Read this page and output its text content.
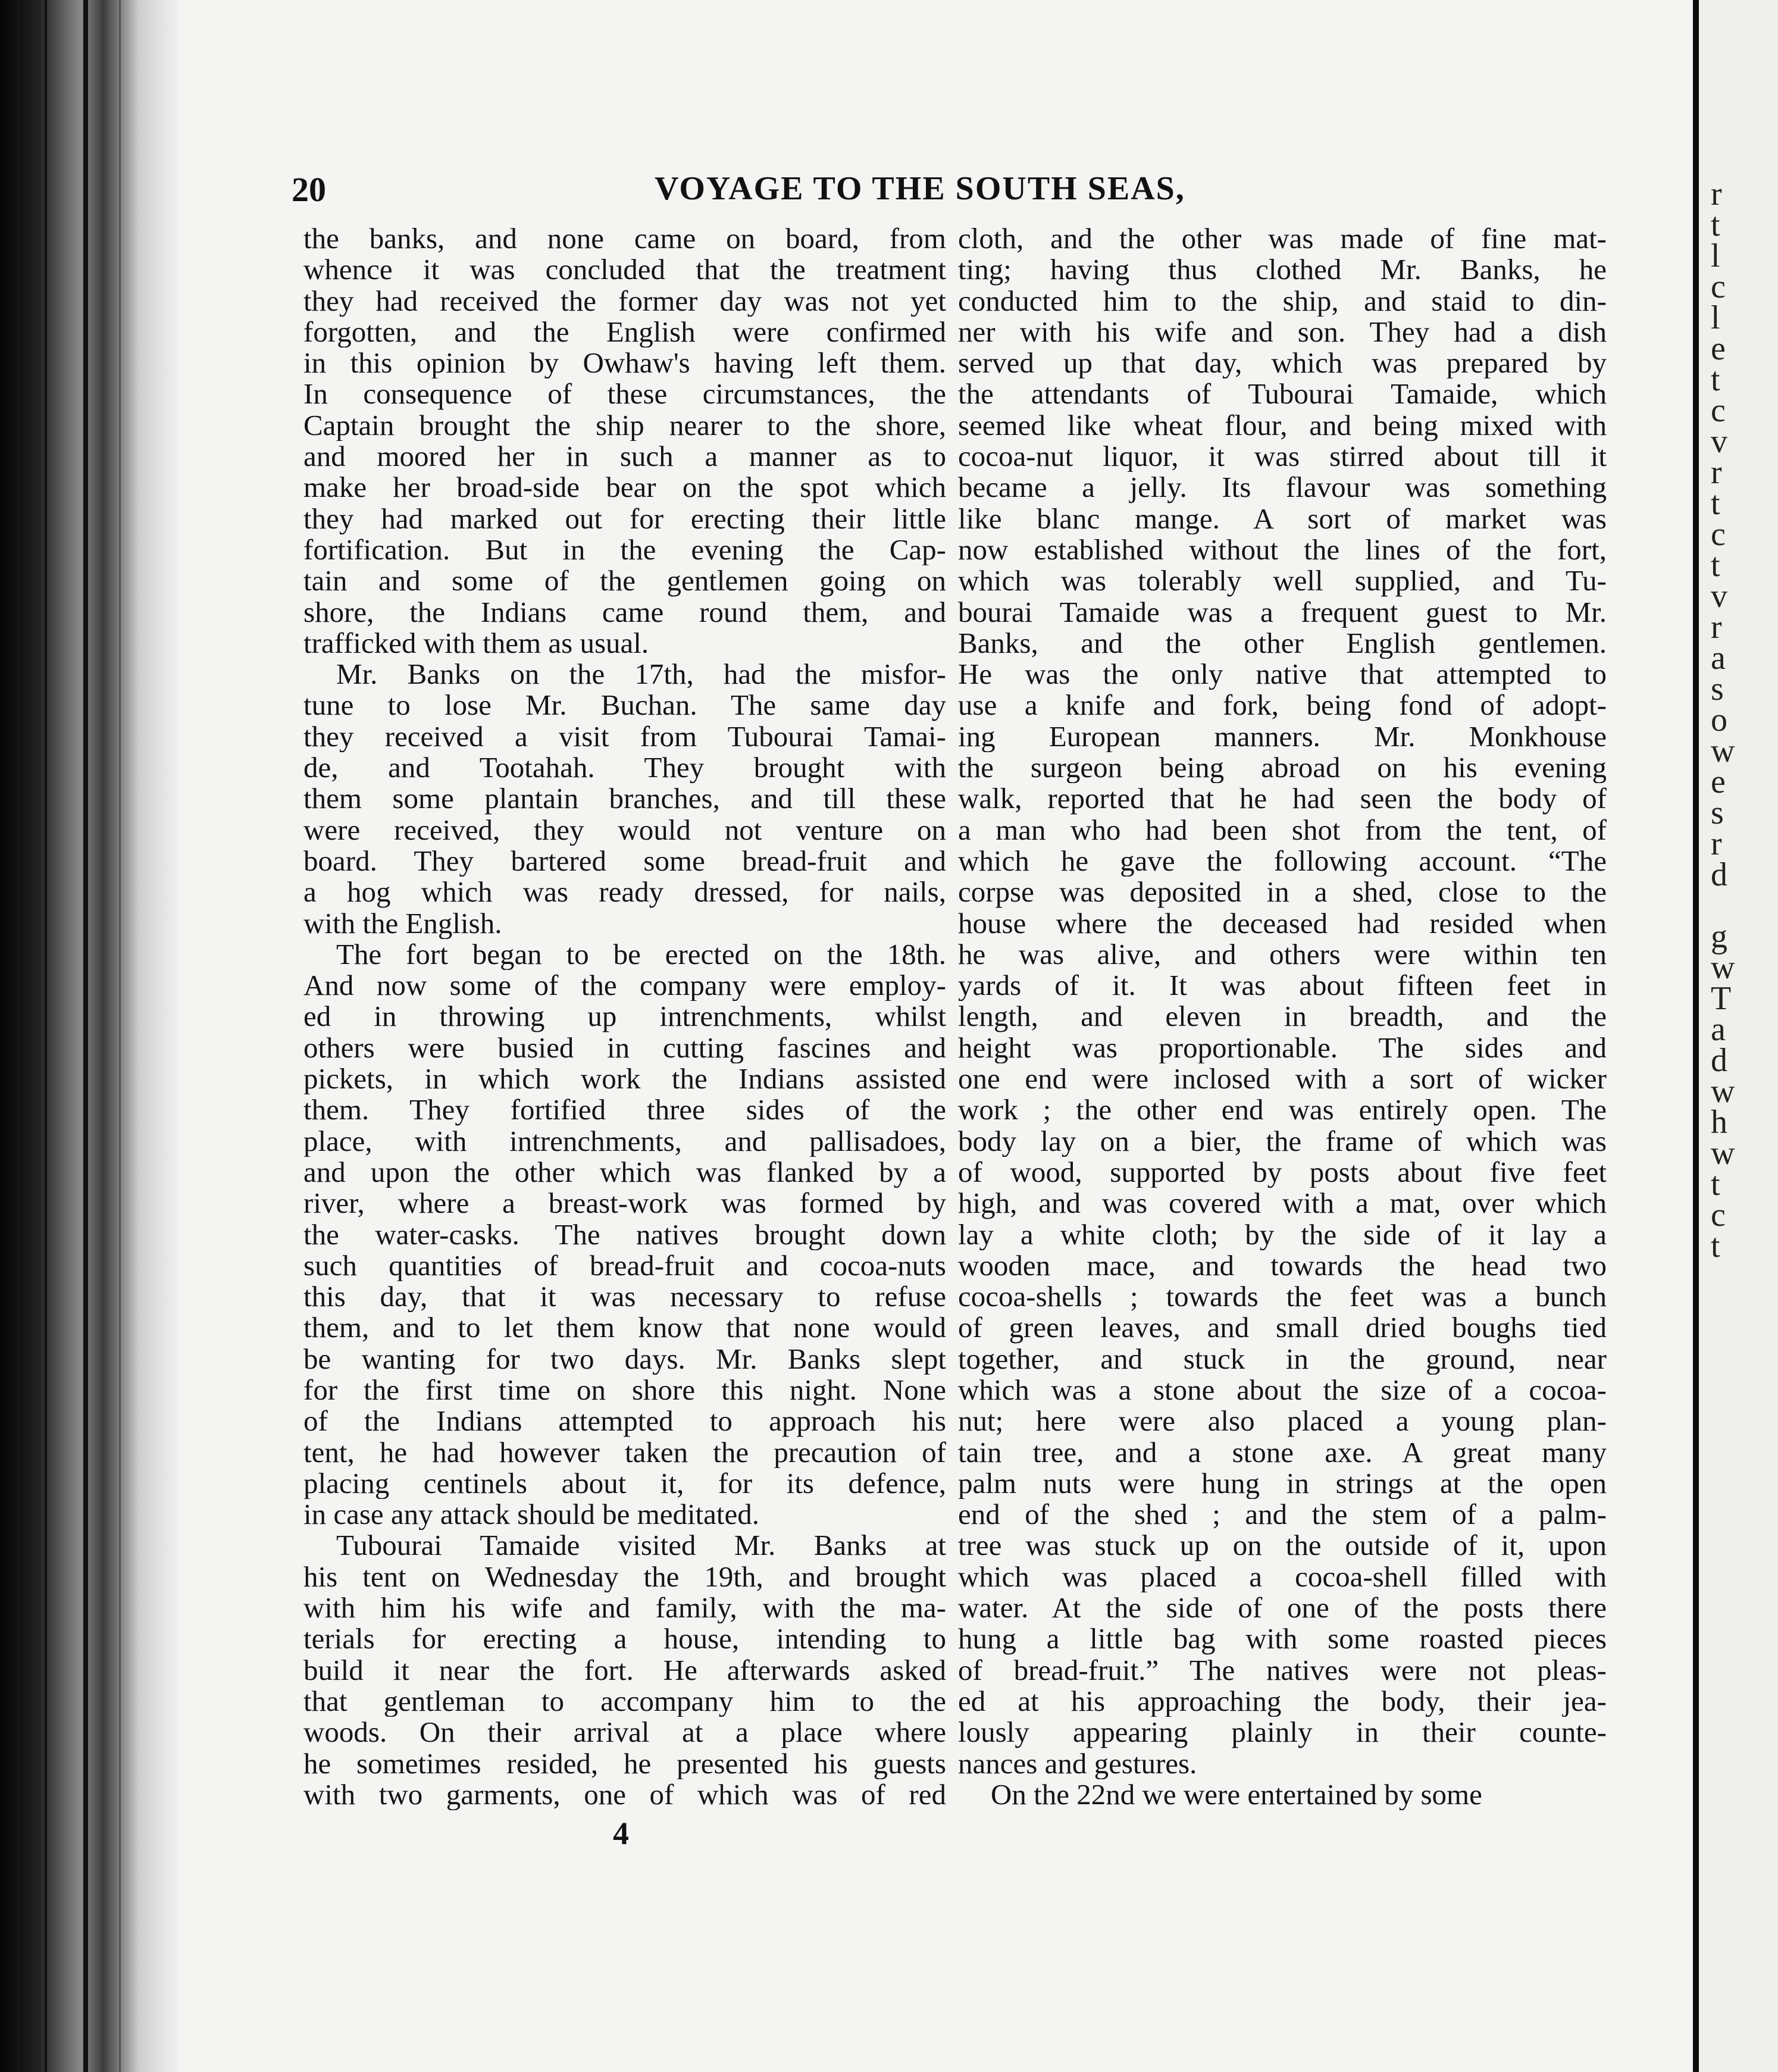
20	VOYAGE TO THE SOUTH SEAS,

the banks, and none came on board, from
whence it was concluded that the treatment
they had received the former day was not yet
forgotten, and the English were confirmed
in this opinion by Owhaw's having left them.
In consequence of these circumstances, the
Captain brought the ship nearer to the shore,
and moored her in such a manner as to
make her broad-side bear on the spot which
they had marked out for erecting their little
fortification. But in the evening the Cap-
tain and some of the gentlemen going on
shore, the Indians came round them, and
trafficked with them as usual.

Mr. Banks on the 17th, had the misfor-
tune to lose Mr. Buchan. The same day
they received a visit from Tubourai Tamai-
de, and Tootahah. They brought with
them some plantain branches, and till these
were received, they would not venture on
board. They bartered some bread-fruit and
a hog which was ready dressed, for nails,
with the English.

The fort began to be erected on the 18th.
And now some of the company were employ-
ed in throwing up intrenchments, whilst
others were busied in cutting fascines and
pickets, in which work the Indians assisted
them. They fortified three sides of the
place, with intrenchments, and pallisadoes,
and upon the other which was flanked by a
river, where a breast-work was formed by
the water-casks. The natives brought down
such quantities of bread-fruit and cocoa-nuts
this day, that it was necessary to refuse
them, and to let them know that none would
be wanting for two days. Mr. Banks slept
for the first time on shore this night. None
of the Indians attempted to approach his
tent, he had however taken the precaution of
placing centinels about it, for its defence,
in case any attack should be meditated.

Tubourai Tamaide visited Mr. Banks at
his tent on Wednesday the 19th, and brought
with him his wife and family, with the ma-
terials for erecting a house, intending to
build it near the fort. He afterwards asked
that gentleman to accompany him to the
woods. On their arrival at a place where
he sometimes resided, he presented his guests
with two garments, one of which was of red

cloth, and the other was made of fine mat-
ting; having thus clothed Mr. Banks, he
conducted him to the ship, and staid to din-
ner with his wife and son. They had a dish
served up that day, which was prepared by
the attendants of Tubourai Tamaide, which
seemed like wheat flour, and being mixed with
cocoa-nut liquor, it was stirred about till it
became a jelly. Its flavour was something
like blanc mange. A sort of market was
now established without the lines of the fort,
which was tolerably well supplied, and Tu-
bourai Tamaide was a frequent guest to Mr.
Banks, and the other English gentlemen.
He was the only native that attempted to
use a knife and fork, being fond of adopt-
ing European manners. Mr. Monkhouse
the surgeon being abroad on his evening
walk, reported that he had seen the body of
a man who had been shot from the tent, of
which he gave the following account. “The
corpse was deposited in a shed, close to the
house where the deceased had resided when
he was alive, and others were within ten
yards of it. It was about fifteen feet in
length, and eleven in breadth, and the
height was proportionable. The sides and
one end were inclosed with a sort of wicker
work ; the other end was entirely open. The
body lay on a bier, the frame of which was
of wood, supported by posts about five feet
high, and was covered with a mat, over which
lay a white cloth; by the side of it lay a
wooden mace, and towards the head two
cocoa-shells ; towards the feet was a bunch
of green leaves, and small dried boughs tied
together, and stuck in the ground, near
which was a stone about the size of a cocoa-
nut; here were also placed a young plan-
tain tree, and a stone axe. A great many
palm nuts were hung in strings at the open
end of the shed ; and the stem of a palm-
tree was stuck up on the outside of it, upon
which was placed a cocoa-shell filled with
water. At the side of one of the posts there
hung a little bag with some roasted pieces
of bread-fruit.” The natives were not pleas-
ed at his approaching the body, their jea-
lously appearing plainly in their counte-
nances and gestures.

On the 22nd we were entertained by some

4
r
t
l
c
l
e
t
c
v
r
t
c
t
v
r
a
s
o
w
e
s
r
d

g
w
T
a
d
w
h
w
t
c
t
